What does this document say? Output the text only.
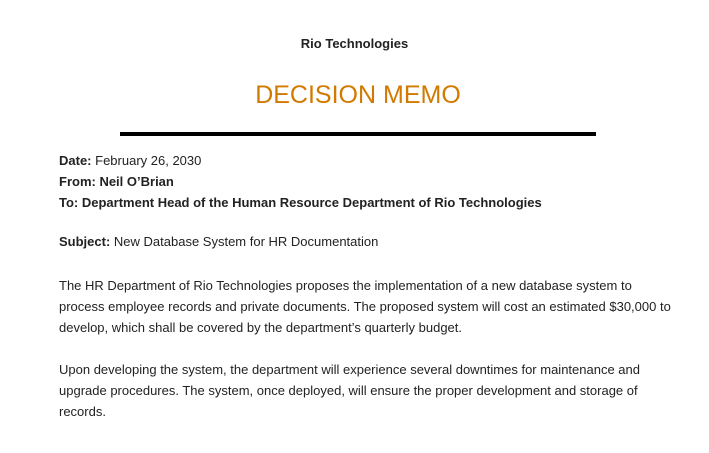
Rio Technologies
DECISION MEMO
Date: February 26, 2030
From: Neil O’Brian
To: Department Head of the Human Resource Department of Rio Technologies
Subject: New Database System for HR Documentation

The HR Department of Rio Technologies proposes the implementation of a new database system to process employee records and private documents. The proposed system will cost an estimated $30,000 to develop, which shall be covered by the department’s quarterly budget.

Upon developing the system, the department will experience several downtimes for maintenance and upgrade procedures. The system, once deployed, will ensure the proper development and storage of records.
